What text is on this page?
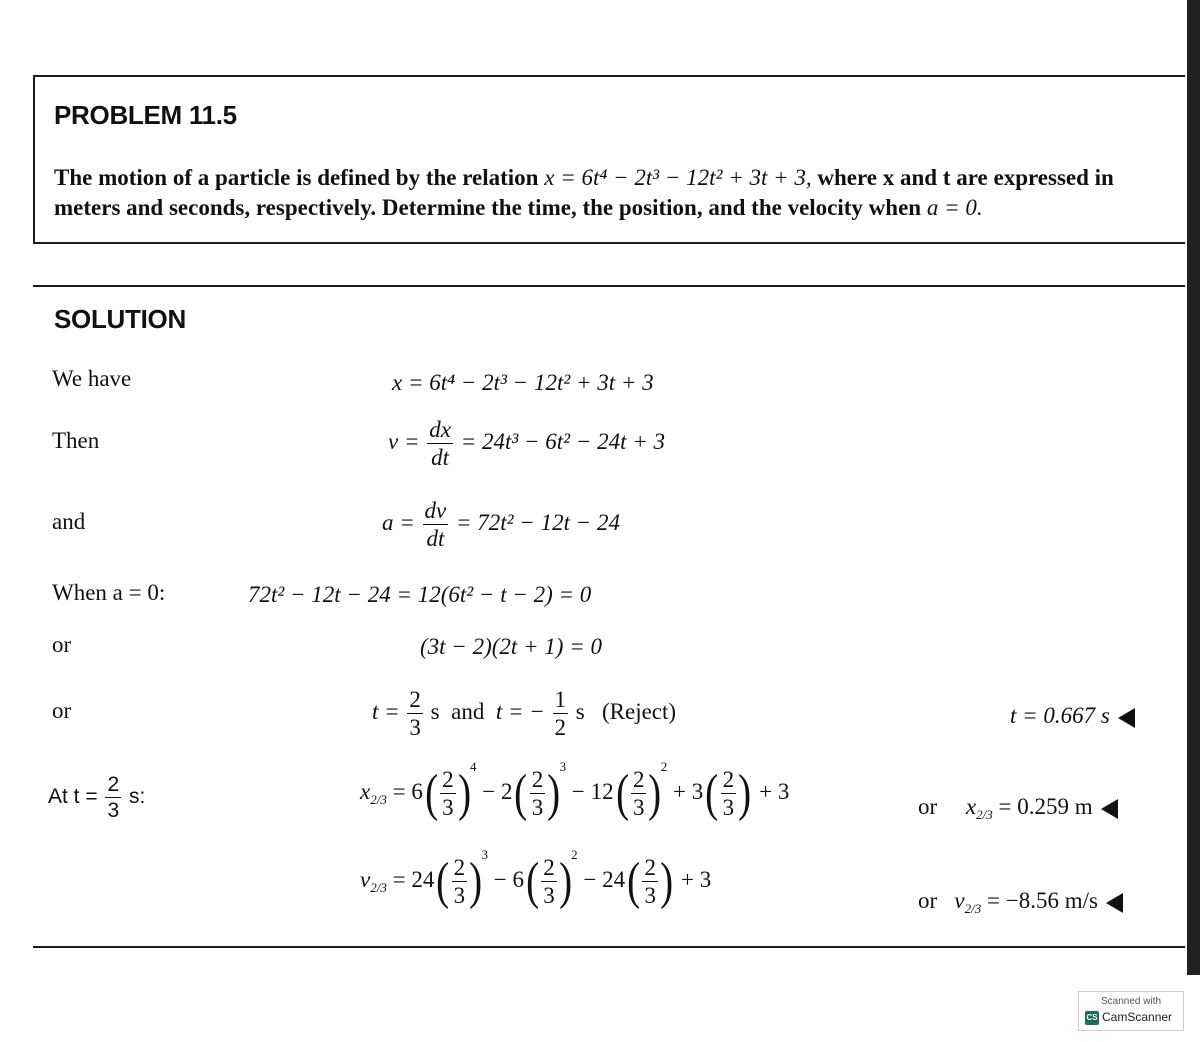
PROBLEM 11.5
The motion of a particle is defined by the relation x = 6t⁴ − 2t³ − 12t² + 3t + 3, where x and t are expressed in
meters and seconds, respectively. Determine the time, the position, and the velocity when a = 0.
SOLUTION
We have	x = 6t⁴ − 2t³ − 12t² + 3t + 3
Then	$v = \frac{dx}{dt} = 24t^3 - 6t^2 - 24t + 3$
and	$a = \frac{dv}{dt} = 72t^2 - 12t - 24$
When a = 0:	72t² − 12t − 24 = 12(6t² − t − 2) = 0
or	(3t − 2)(2t + 1) = 0
or	$t = \frac{2}{3}$ s and t = − $\frac{1}{2}$ s (Reject)	t = 0.667 s
At $t = \frac{2}{3} s$:	$x_{2/3} = 6$ ( $\frac{2}{3}$ ) $^4$ − 2 ( $\frac{2}{3}$ ) $^3$ − 12 ( $\frac{2}{3}$ ) $^2$ + 3 ( $\frac{2}{3}$ ) + 3
or $x_{2/3} = 0.259$ m
$v_{2/3} = 24$ ( $\frac{2}{3}$ ) $^3$ − 6 ( $\frac{2}{3}$ ) $^2$ − 24 ( $\frac{2}{3}$ ) + 3
or $v_{2/3} = -8.56$ m/s
Scanned with
CS CamScanner
